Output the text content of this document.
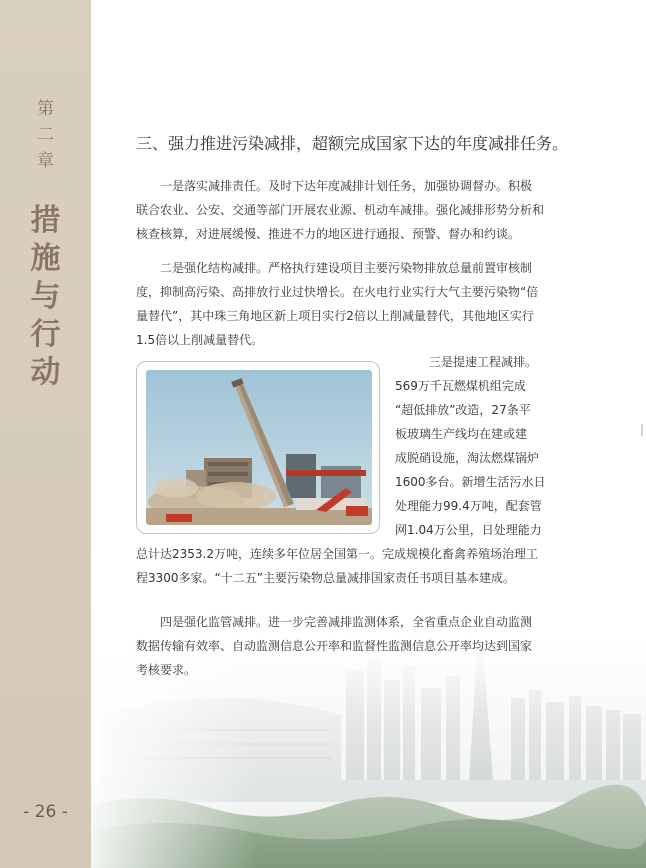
第
二
章
措
施
与
行
动
- 26 -
三、强力推进污染减排，超额完成国家下达的年度减排任务。

一是落实减排责任。及时下达年度减排计划任务，加强协调督办。积极
联合农业、公安、交通等部门开展农业源、机动车减排。强化减排形势分析和
核查核算，对进展缓慢、推进不力的地区进行通报、预警、督办和约谈。

二是强化结构减排。严格执行建设项目主要污染物排放总量前置审核制
度，抑制高污染、高排放行业过快增长。在火电行业实行大气主要污染物“倍
量替代”，其中珠三角地区新上项目实行2倍以上削减量替代，其他地区实行
1.5倍以上削减量替代。

三是提速工程减排。
569万千瓦燃煤机组完成
“超低排放”改造，27条平
板玻璃生产线均在建或建
成脱硝设施，淘汰燃煤锅炉
1600多台。新增生活污水日
处理能力99.4万吨，配套管
网1.04万公里，日处理能力

总计达2353.2万吨，连续多年位居全国第一。完成规模化畜禽养殖场治理工
程3300多家。“十二五”主要污染物总量减排国家责任书项目基本建成。

四是强化监管减排。进一步完善减排监测体系，全省重点企业自动监测
数据传输有效率、自动监测信息公开率和监督性监测信息公开率均达到国家
考核要求。
